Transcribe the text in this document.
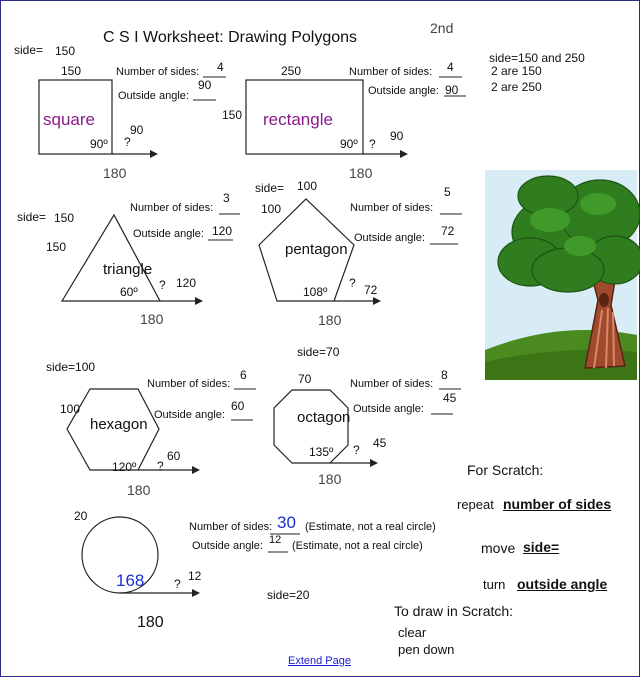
C S I Worksheet: Drawing Polygons
2nd
side= 150	side=150 and 250
2 are 150
2 are 250
150
square
90º ?
90
180
Number of sides: 4
Outside angle:
90
250
150 rectangle
90º ?
90
180
Number of sides: 4
Outside angle: 90
side= 150
150
triangle
60º ? 120
180
Number of sides:
3
Outside angle: 120
side= 100
100
pentagon
108º
? 72
180
Number of sides:
5
Outside angle: 72
side=100
100
hexagon
120º ?
60
180
Number of sides:
6
Outside angle:
60
side=70
70
octagon
135º ? 45
180
Number of sides:
8
Outside angle:
45
20
168 ?
12
180
Number of sides: 30 (Estimate, not a real circle)
Outside angle: 12 (Estimate, not a real circle)
side=20
For Scratch:
repeat number of sides
move side=
turn outside angle
To draw in Scratch:
clear
pen down
Extend Page
